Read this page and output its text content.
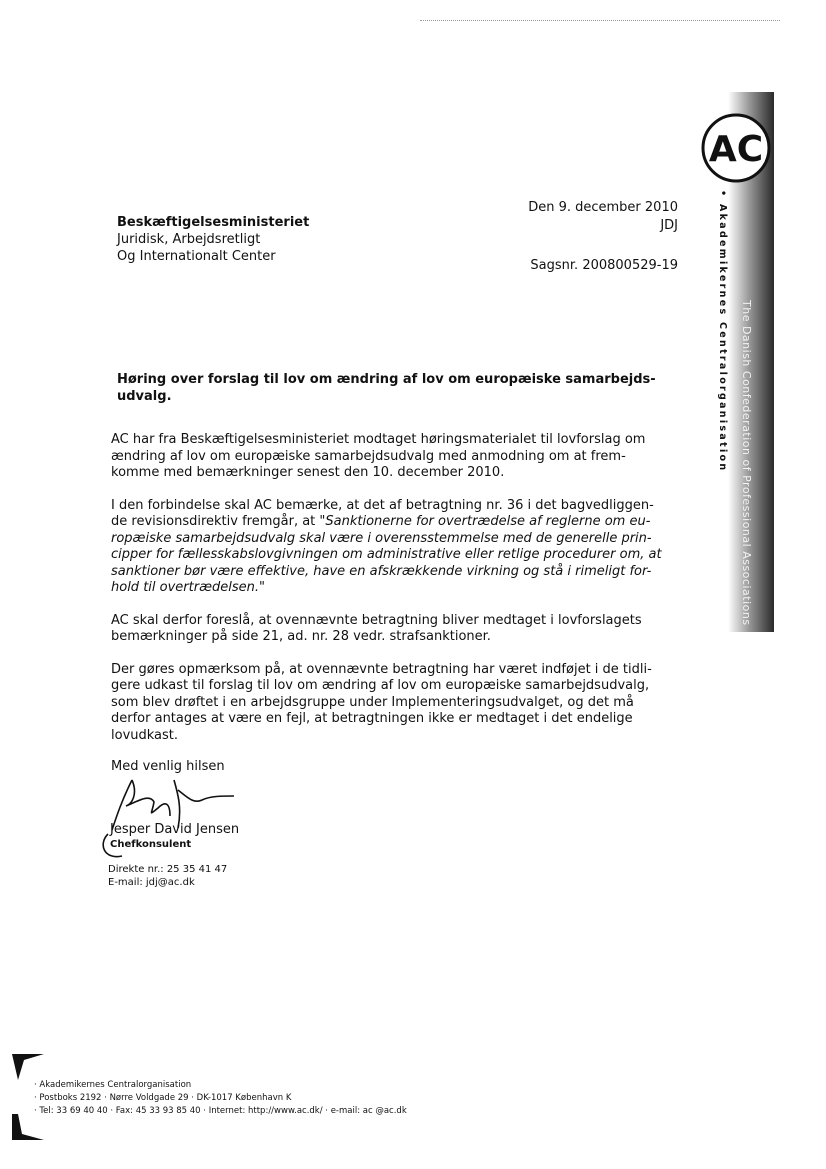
The Danish Confederation of Professional Associations
• Akademikernes Centralorganisation
AC
Beskæftigelsesministeriet
Juridisk, Arbejdsretligt
Og Internationalt Center
Den 9. december 2010
JDJ
Sagsnr. 200800529-19
Høring over forslag til lov om ændring af lov om europæiske samarbejds-
udvalg.

AC har fra Beskæftigelsesministeriet modtaget høringsmaterialet til lovforslag om
ændring af lov om europæiske samarbejdsudvalg med anmodning om at frem-
komme med bemærkninger senest den 10. december 2010.

I den forbindelse skal AC bemærke, at det af betragtning nr. 36 i det bagvedliggen-
de revisionsdirektiv fremgår, at "Sanktionerne for overtrædelse af reglerne om eu-
ropæiske samarbejdsudvalg skal være i overensstemmelse med de generelle prin-
cipper for fællesskabslovgivningen om administrative eller retlige procedurer om, at
sanktioner bør være effektive, have en afskrækkende virkning og stå i rimeligt for-
hold til overtrædelsen."

AC skal derfor foreslå, at ovennævnte betragtning bliver medtaget i lovforslagets
bemærkninger på side 21, ad. nr. 28 vedr. strafsanktioner.

Der gøres opmærksom på, at ovennævnte betragtning har været indføjet i de tidli-
gere udkast til forslag til lov om ændring af lov om europæiske samarbejdsudvalg,
som blev drøftet i en arbejdsgruppe under Implementeringsudvalget, og det må
derfor antages at være en fejl, at betragtningen ikke er medtaget i det endelige
lovudkast.

Med venlig hilsen
Jesper David Jensen
Chefkonsulent
Direkte nr.: 25 35 41 47
E-mail: jdj@ac.dk
· Akademikernes Centralorganisation
· Postboks 2192 · Nørre Voldgade 29 · DK-1017 København K
· Tel: 33 69 40 40 · Fax: 45 33 93 85 40 · Internet: http://www.ac.dk/ · e-mail: ac @ac.dk
